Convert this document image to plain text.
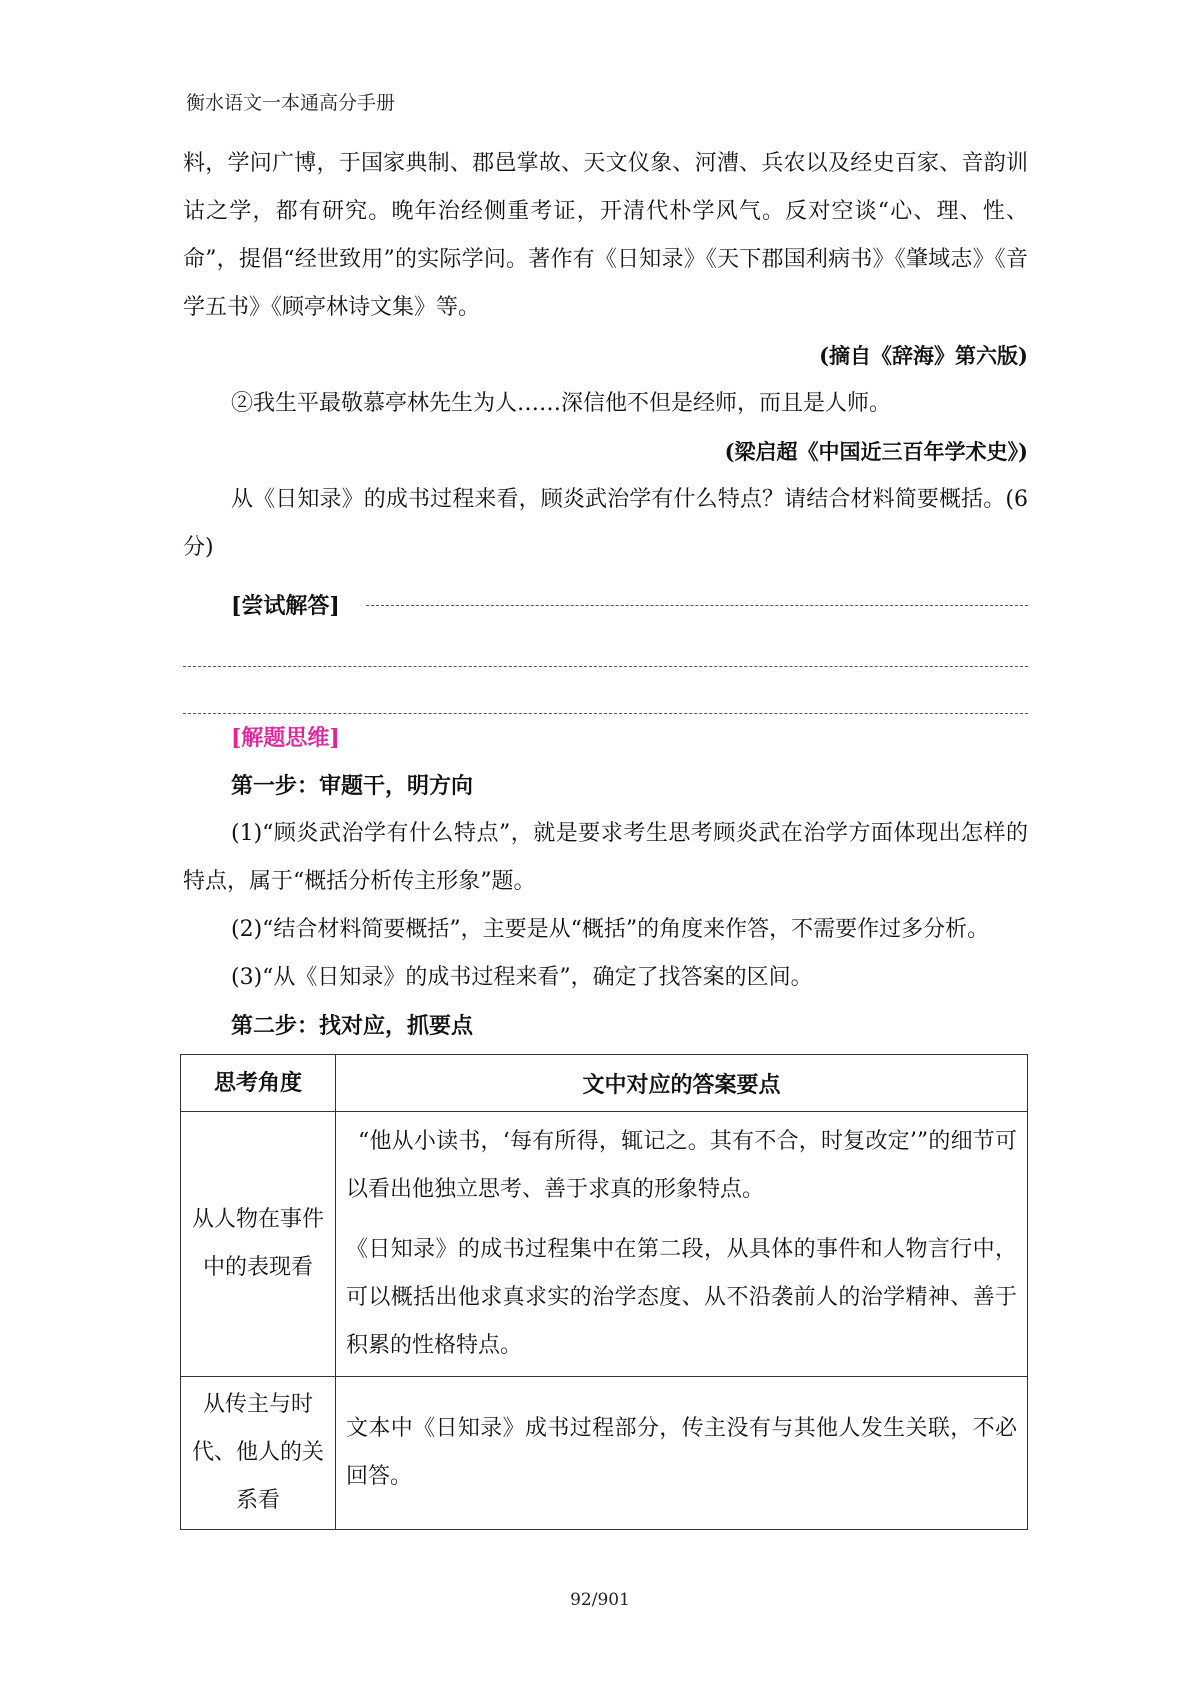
衡水语文一本通高分手册

料，学问广博，于国家典制、郡邑掌故、天文仪象、河漕、兵农以及经史百家、音韵训诂之学，都有研究。晚年治经侧重考证，开清代朴学风气。反对空谈“心、理、性、命”，提倡“经世致用”的实际学问。著作有《日知录》《天下郡国利病书》《肇域志》《音学五书》《顾亭林诗文集》等。

(摘自《辞海》第六版)

②我生平最敬慕亭林先生为人……深信他不但是经师，而且是人师。

(梁启超《中国近三百年学术史》)

从《日知录》的成书过程来看，顾炎武治学有什么特点？请结合材料简要概括。(6分)

[尝试解答]
[解题思维]

第一步：审题干，明方向

(1)“顾炎武治学有什么特点”，就是要求考生思考顾炎武在治学方面体现出怎样的特点，属于“概括分析传主形象”题。

(2)“结合材料简要概括”，主要是从“概括”的角度来作答，不需要作过多分析。

(3)“从《日知录》的成书过程来看”，确定了找答案的区间。

第二步：找对应，抓要点

思考角度	文中对应的答案要点
从人物在事件中的表现看	“他从小读书，‘每有所得，辄记之。其有不合，时复改定’”的细节可以看出他独立思考、善于求真的形象特点。
《日知录》的成书过程集中在第二段，从具体的事件和人物言行中，可以概括出他求真求实的治学态度、从不沿袭前人的治学精神、善于积累的性格特点。

从传主与时代、他人的关系看	文本中《日知录》成书过程部分，传主没有与其他人发生关联，不必回答。
92/901
